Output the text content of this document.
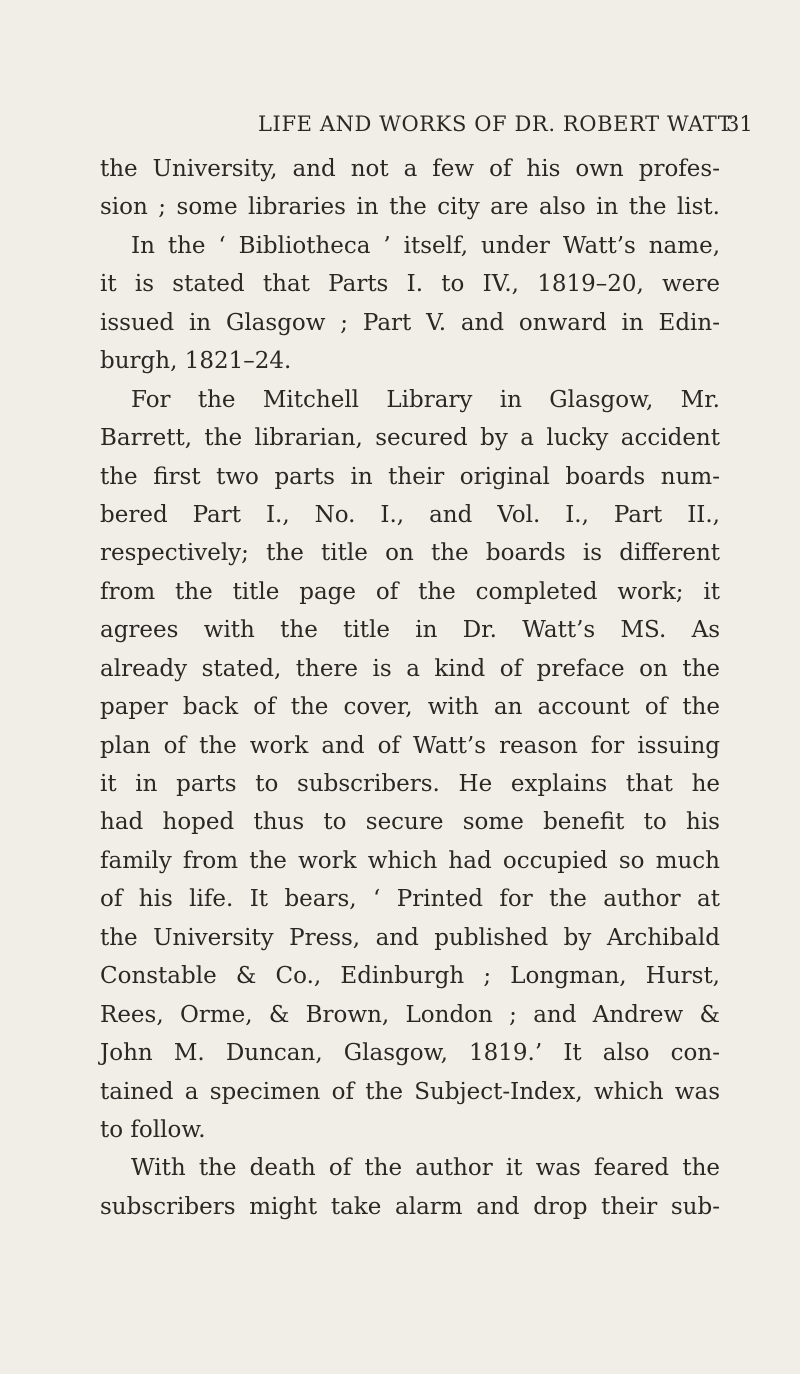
LIFE AND WORKS OF DR. ROBERT WATT
31
the University, and not a few of his own profes-
sion ; some libraries in the city are also in the list.
In the ‘ Bibliotheca ’ itself, under Watt’s name,
it is stated that Parts I. to IV., 1819–20, were
issued in Glasgow ; Part V. and onward in Edin-
burgh, 1821–24.
For the Mitchell Library in Glasgow, Mr.
Barrett, the librarian, secured by a lucky accident
the first two parts in their original boards num-
bered Part I., No. I., and Vol. I., Part II.,
respectively; the title on the boards is different
from the title page of the completed work; it
agrees with the title in Dr. Watt’s MS. As
already stated, there is a kind of preface on the
paper back of the cover, with an account of the
plan of the work and of Watt’s reason for issuing
it in parts to subscribers. He explains that he
had hoped thus to secure some benefit to his
family from the work which had occupied so much
of his life. It bears, ‘ Printed for the author at
the University Press, and published by Archibald
Constable & Co., Edinburgh ; Longman, Hurst,
Rees, Orme, & Brown, London ; and Andrew &
John M. Duncan, Glasgow, 1819.’ It also con-
tained a specimen of the Subject-Index, which was
to follow.
With the death of the author it was feared the
subscribers might take alarm and drop their sub-
